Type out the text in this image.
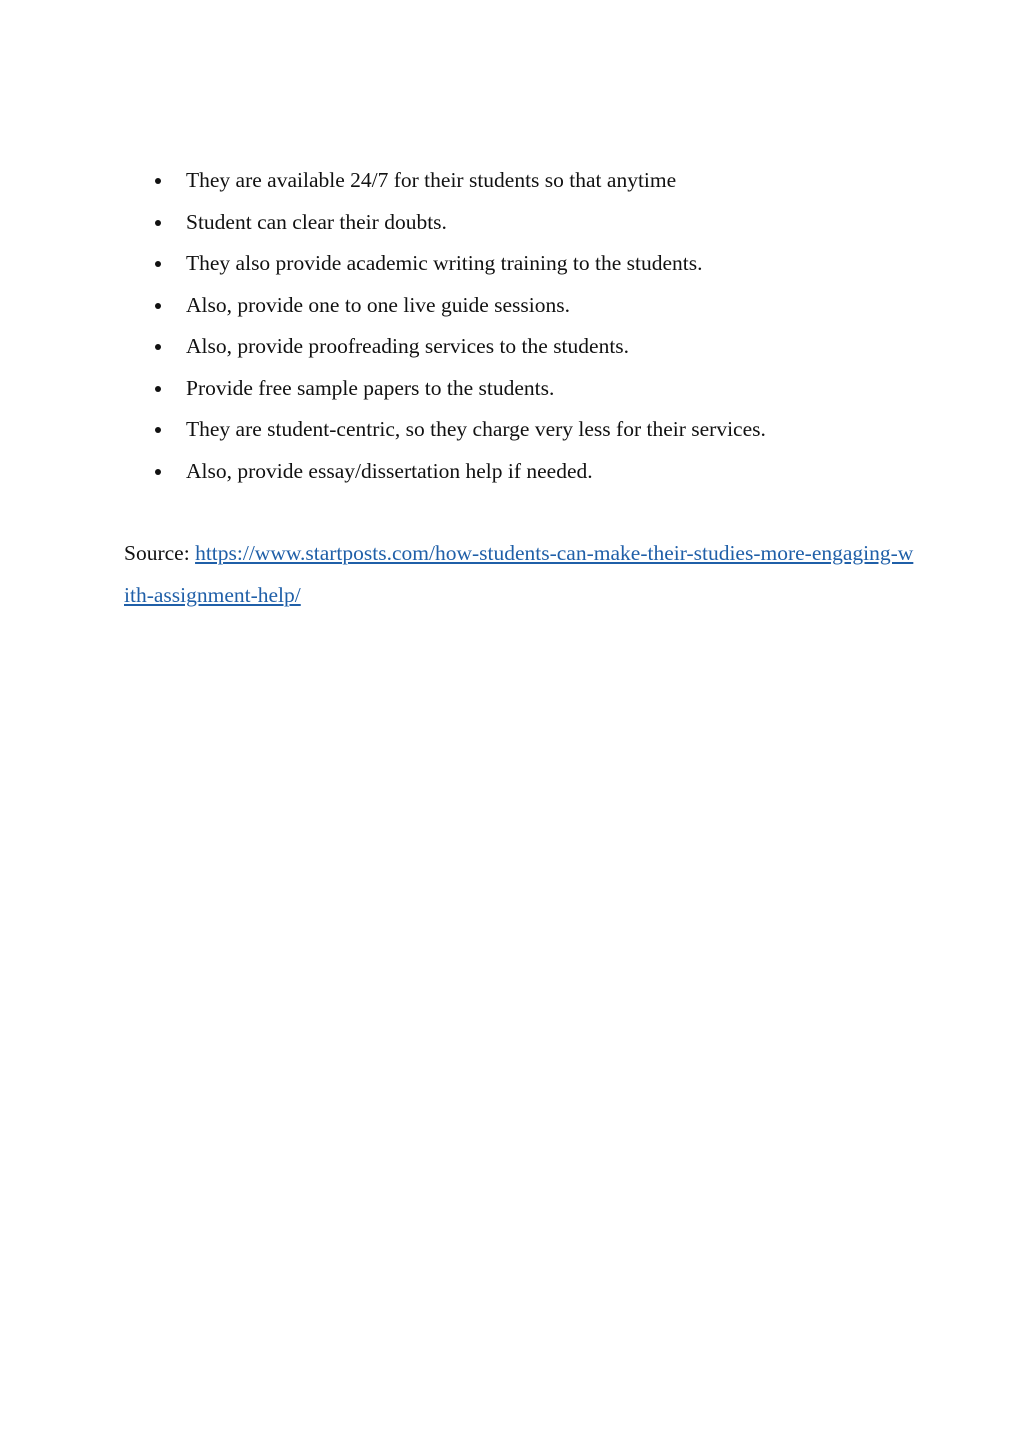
They are available 24/7 for their students so that anytime
Student can clear their doubts.
They also provide academic writing training to the students.
Also, provide one to one live guide sessions.
Also, provide proofreading services to the students.
Provide free sample papers to the students.
They are student-centric, so they charge very less for their services.
Also, provide essay/dissertation help if needed.

Source: https://www.startposts.com/how-students-can-make-their-studies-more-engaging-with-assignment-help/
